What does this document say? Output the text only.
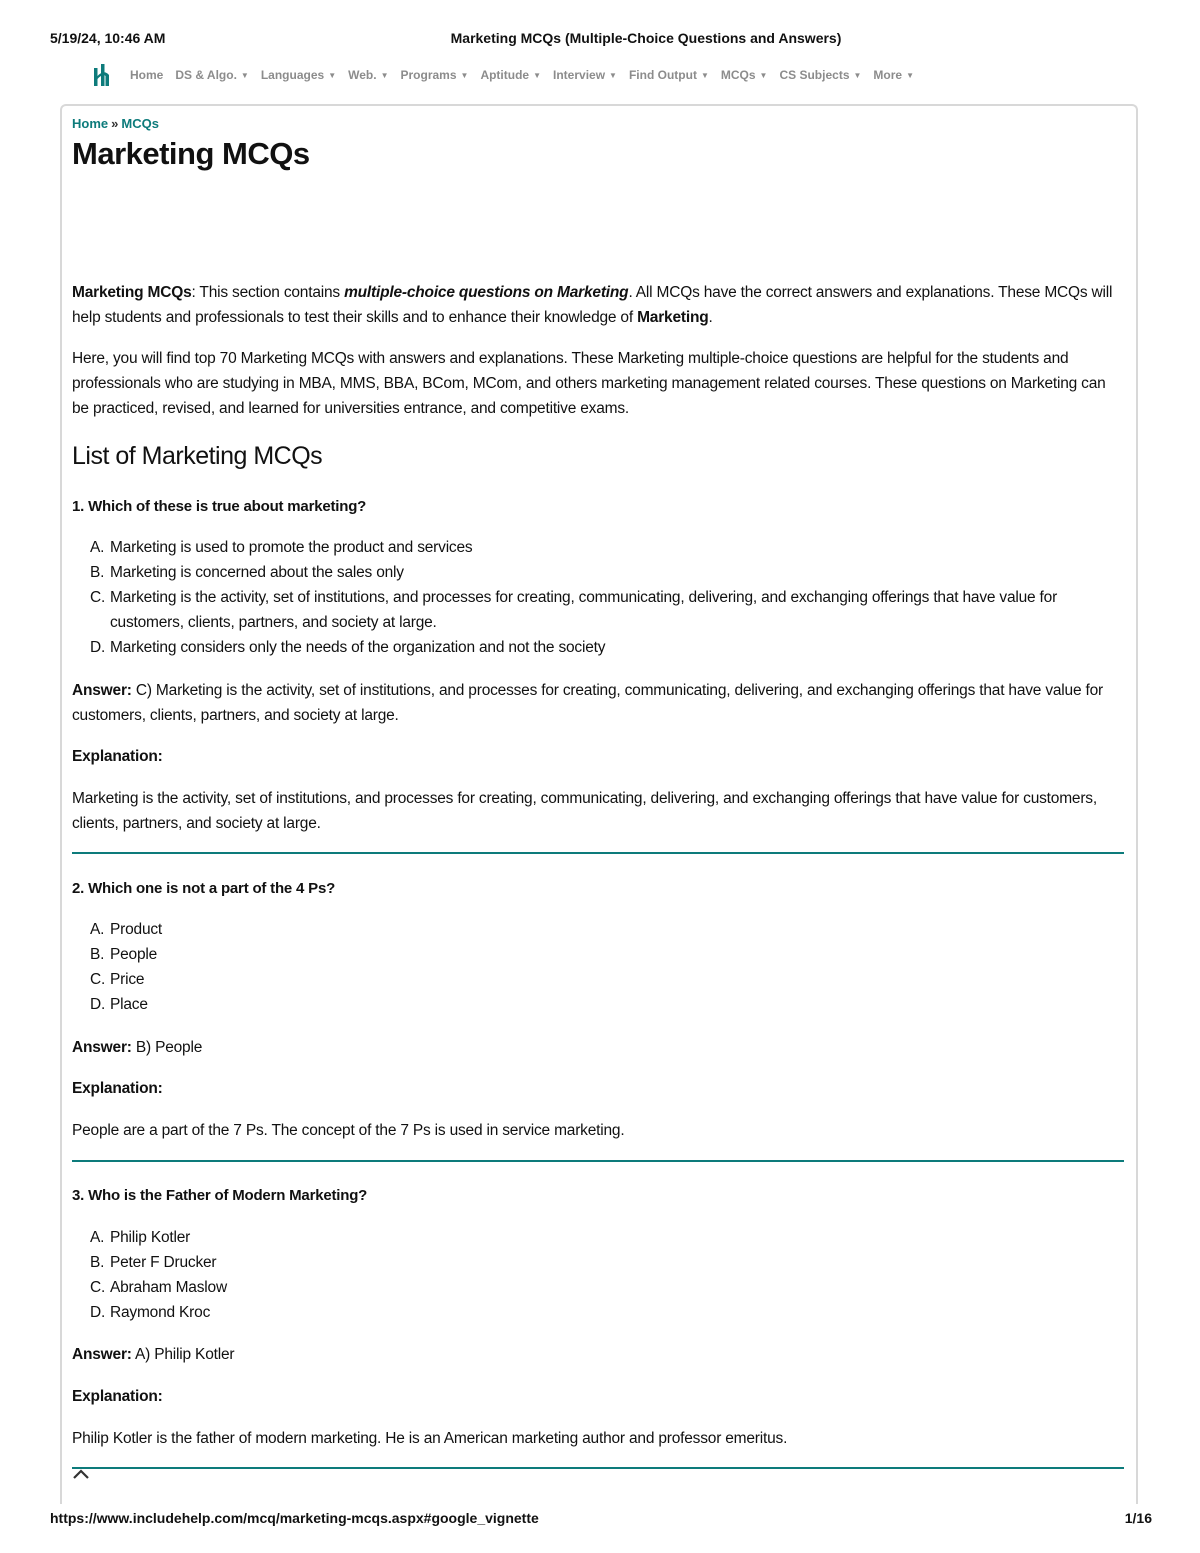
5/19/24, 10:46 AM	Marketing MCQs (Multiple-Choice Questions and Answers)
Home DS & Algo. ▼ Languages ▼ Web. ▼ Programs ▼ Aptitude ▼ Interview ▼ Find Output ▼ MCQs ▼ CS Subjects ▼ More ▼
Home » MCQs
Marketing MCQs

Marketing MCQs: This section contains multiple-choice questions on Marketing. All MCQs have the correct answers and explanations. These MCQs will help students and professionals to test their skills and to enhance their knowledge of Marketing.

Here, you will find top 70 Marketing MCQs with answers and explanations. These Marketing multiple-choice questions are helpful for the students and professionals who are studying in MBA, MMS, BBA, BCom, MCom, and others marketing management related courses. These questions on Marketing can be practiced, revised, and learned for universities entrance, and competitive exams.

List of Marketing MCQs

1. Which of these is true about marketing?

A. Marketing is used to promote the product and services
B. Marketing is concerned about the sales only
C. Marketing is the activity, set of institutions, and processes for creating, communicating, delivering, and exchanging offerings that have value for customers, clients, partners, and society at large.
D. Marketing considers only the needs of the organization and not the society

Answer: C) Marketing is the activity, set of institutions, and processes for creating, communicating, delivering, and exchanging offerings that have value for customers, clients, partners, and society at large.

Explanation:

Marketing is the activity, set of institutions, and processes for creating, communicating, delivering, and exchanging offerings that have value for customers, clients, partners, and society at large.

2. Which one is not a part of the 4 Ps?

A. Product
B. People
C. Price
D. Place

Answer: B) People

Explanation:

People are a part of the 7 Ps. The concept of the 7 Ps is used in service marketing.

3. Who is the Father of Modern Marketing?

A. Philip Kotler
B. Peter F Drucker
C. Abraham Maslow
D. Raymond Kroc

Answer: A) Philip Kotler

Explanation:

Philip Kotler is the father of modern marketing. He is an American marketing author and professor emeritus.

https://www.includehelp.com/mcq/marketing-mcqs.aspx#google_vignette	1/16
